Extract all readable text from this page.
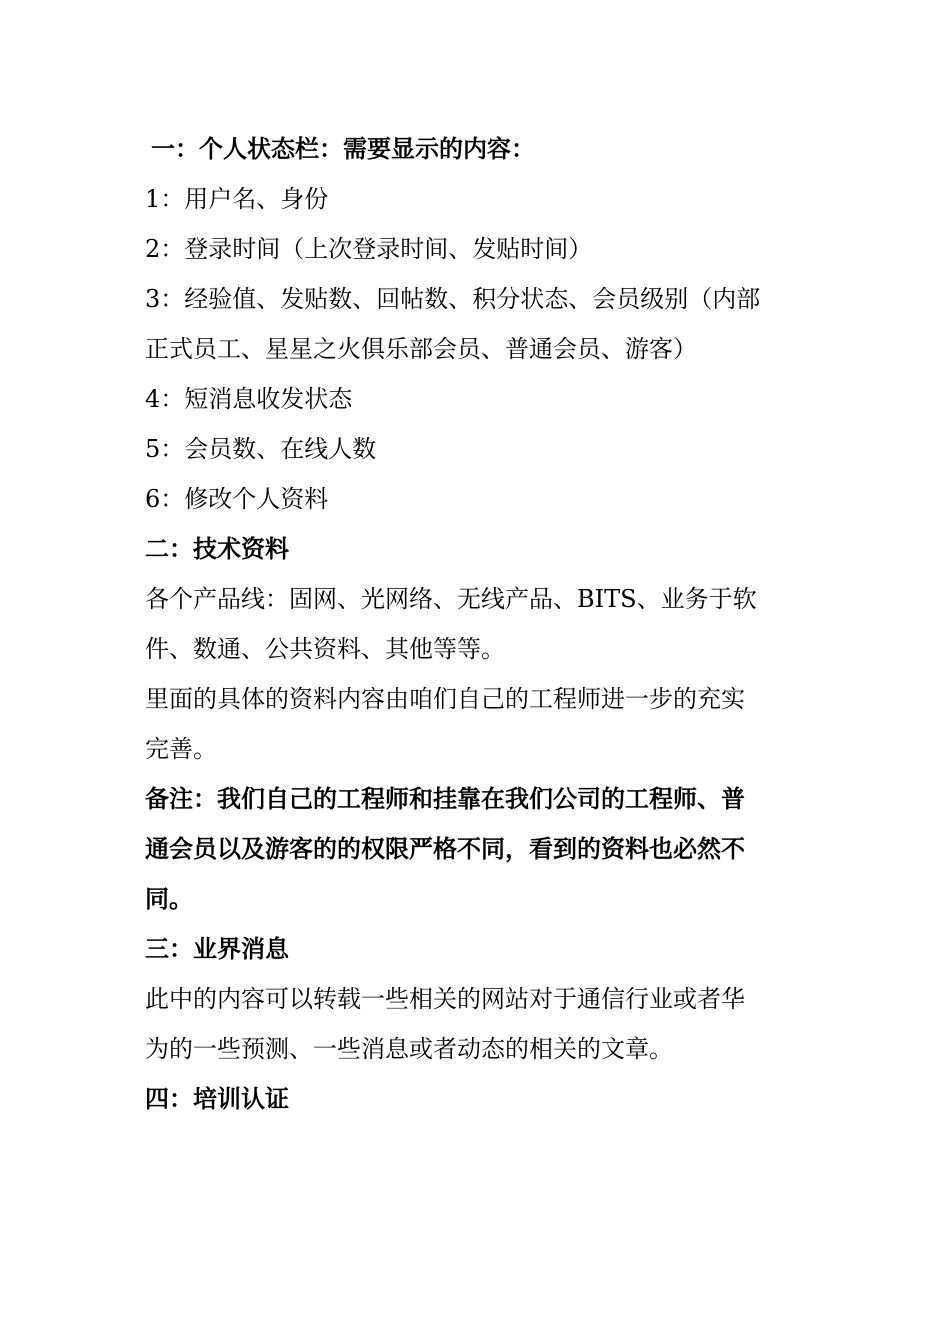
一：个人状态栏：需要显示的内容：
1：用户名、身份
2：登录时间（上次登录时间、发贴时间）
3：经验值、发贴数、回帖数、积分状态、会员级别（内部
正式员工、星星之火俱乐部会员、普通会员、游客）
4：短消息收发状态
5：会员数、在线人数
6：修改个人资料
二：技术资料
各个产品线：固网、光网络、无线产品、BITS、业务于软
件、数通、公共资料、其他等等。
里面的具体的资料内容由咱们自己的工程师进一步的充实
完善。
备注：我们自己的工程师和挂靠在我们公司的工程师、普
通会员以及游客的的权限严格不同，看到的资料也必然不
同。
三：业界消息
此中的内容可以转载一些相关的网站对于通信行业或者华
为的一些预测、一些消息或者动态的相关的文章。
四：培训认证
